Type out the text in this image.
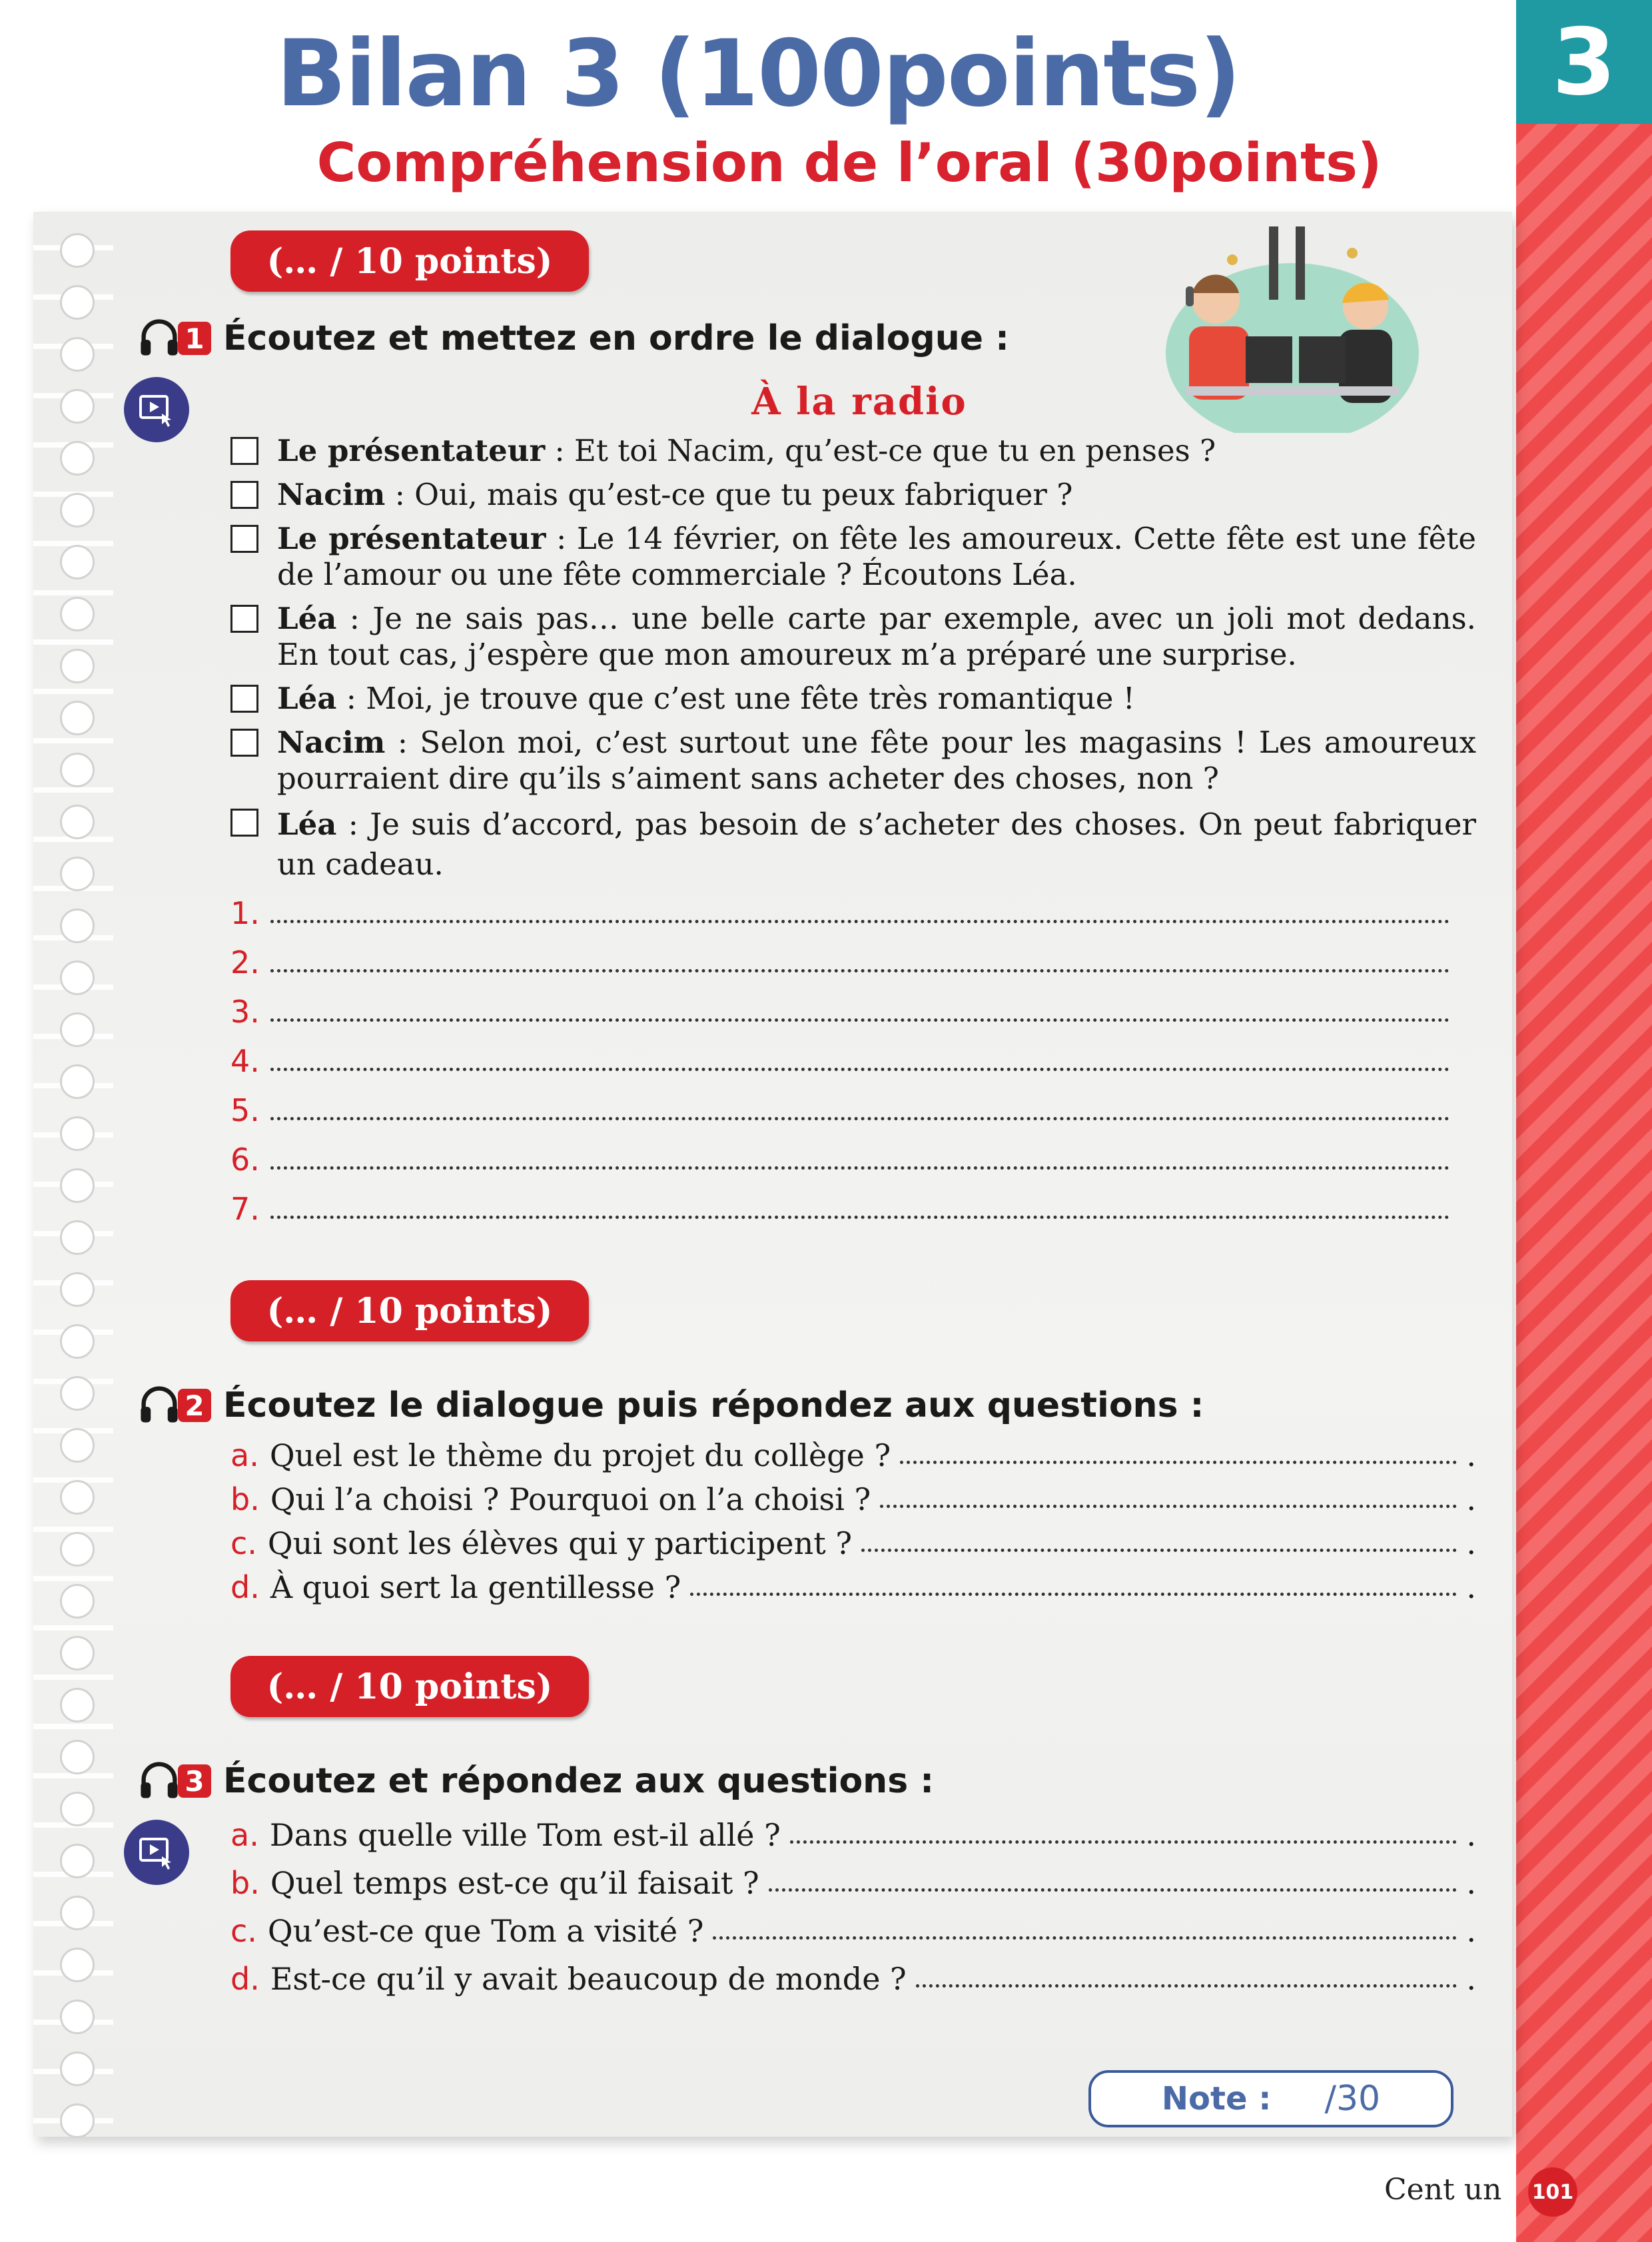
3
Bilan 3 (100points)
Compréhension de l’oral (30points)
(… / 10 points)
1 Écoutez et mettez en ordre le dialogue :
À la radio
Le présentateur : Et toi Nacim, qu’est-ce que tu en penses ?
Nacim : Oui, mais qu’est-ce que tu peux fabriquer ?
Le présentateur : Le 14 février, on fête les amoureux. Cette fête est une fête de l’amour ou une fête commerciale ? Écoutons Léa.
Léa : Je ne sais pas… une belle carte par exemple, avec un joli mot dedans. En tout cas, j’espère que mon amoureux m’a préparé une surprise.
Léa : Moi, je trouve que c’est une fête très romantique !
Nacim : Selon moi, c’est surtout une fête pour les magasins ! Les amoureux pourraient dire qu’ils s’aiment sans acheter des choses, non ?
Léa : Je suis d’accord, pas besoin de s’acheter des choses. On peut fabriquer un cadeau.
1.
2.
3.
4.
5.
6.
7.
(… / 10 points)
2 Écoutez le dialogue puis répondez aux questions :
a. Quel est le thème du projet du collège ?	.
b. Qui l’a choisi ? Pourquoi on l’a choisi ?	.
c. Qui sont les élèves qui y participent ?	.
d. À quoi sert la gentillesse ?	.
(… / 10 points)
3 Écoutez et répondez aux questions :
a. Dans quelle ville Tom est-il allé ?	.
b. Quel temps est-ce qu’il faisait ?	.
c. Qu’est-ce que Tom a visité ?	.
d. Est-ce qu’il y avait beaucoup de monde ?	.
Note : /30
Cent un 101
